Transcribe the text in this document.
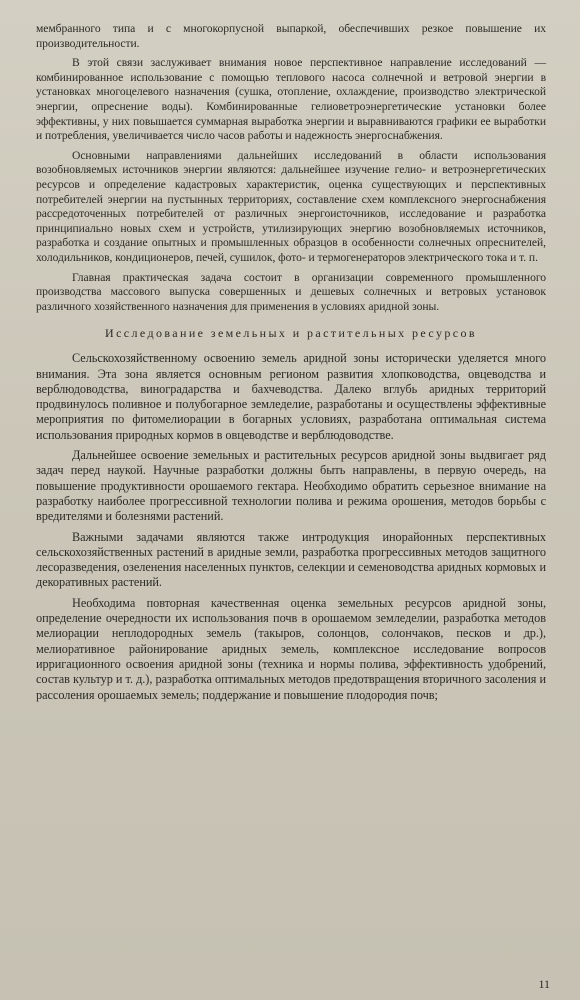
мембранного типа и с многокорпусной выпаркой, обеспечивших резкое повышение их производительности.

В этой связи заслуживает внимания новое перспективное направление исследований — комбинированное использование с помощью теплового насоса солнечной и ветровой энергии в установках многоцелевого назначения (сушка, отопление, охлаждение, производство электрической энергии, опреснение воды). Комбинированные гелиоветроэнергетические установки более эффективны, у них повышается суммарная выработка энергии и выравниваются графики ее выработки и потребления, увеличивается число часов работы и надежность энергоснабжения.

Основными направлениями дальнейших исследований в области использования возобновляемых источников энергии являются: дальнейшее изучение гелио- и ветроэнергетических ресурсов и определение кадастровых характеристик, оценка существующих и перспективных потребителей энергии на пустынных территориях, составление схем комплексного энергоснабжения рассредоточенных потребителей от различных энергоисточников, исследование и разработка принципиально новых схем и устройств, утилизирующих энергию возобновляемых источников, разработка и создание опытных и промышленных образцов в особенности солнечных опреснителей, холодильников, кондиционеров, печей, сушилок, фото- и термогенераторов электрического тока и т. п.

Главная практическая задача состоит в организации современного промышленного производства массового выпуска совершенных и дешевых солнечных и ветровых установок различного хозяйственного назначения для применения в условиях аридной зоны.

Исследование земельных и растительных ресурсов

Сельскохозяйственному освоению земель аридной зоны исторически уделяется много внимания. Эта зона является основным регионом развития хлопководства, овцеводства и верблюдоводства, виноградарства и бахчеводства. Далеко вглубь аридных территорий продвинулось поливное и полубогарное земледелие, разработаны и осуществлены эффективные мероприятия по фитомелиорации в богарных условиях, разработана оптимальная система использования природных кормов в овцеводстве и верблюдоводстве.

Дальнейшее освоение земельных и растительных ресурсов аридной зоны выдвигает ряд задач перед наукой. Научные разработки должны быть направлены, в первую очередь, на повышение продуктивности орошаемого гектара. Необходимо обратить серьезное внимание на разработку наиболее прогрессивной технологии полива и режима орошения, методов борьбы с вредителями и болезнями растений.

Важными задачами являются также интродукция инорайонных перспективных сельскохозяйственных растений в аридные земли, разработка прогрессивных методов защитного лесоразведения, озеленения населенных пунктов, селекции и семеноводства аридных кормовых и декоративных растений.

Необходима повторная качественная оценка земельных ресурсов аридной зоны, определение очередности их использования почв в орошаемом земледелии, разработка методов мелиорации неплодородных земель (такыров, солонцов, солончаков, песков и др.), мелиоративное районирование аридных земель, комплексное исследование вопросов ирригационного освоения аридной зоны (техника и нормы полива, эффективность удобрений, состав культур и т. д.), разработка оптимальных методов предотвращения вторичного засоления и рассоления орошаемых земель; поддержание и повышение плодородия почв;

11
